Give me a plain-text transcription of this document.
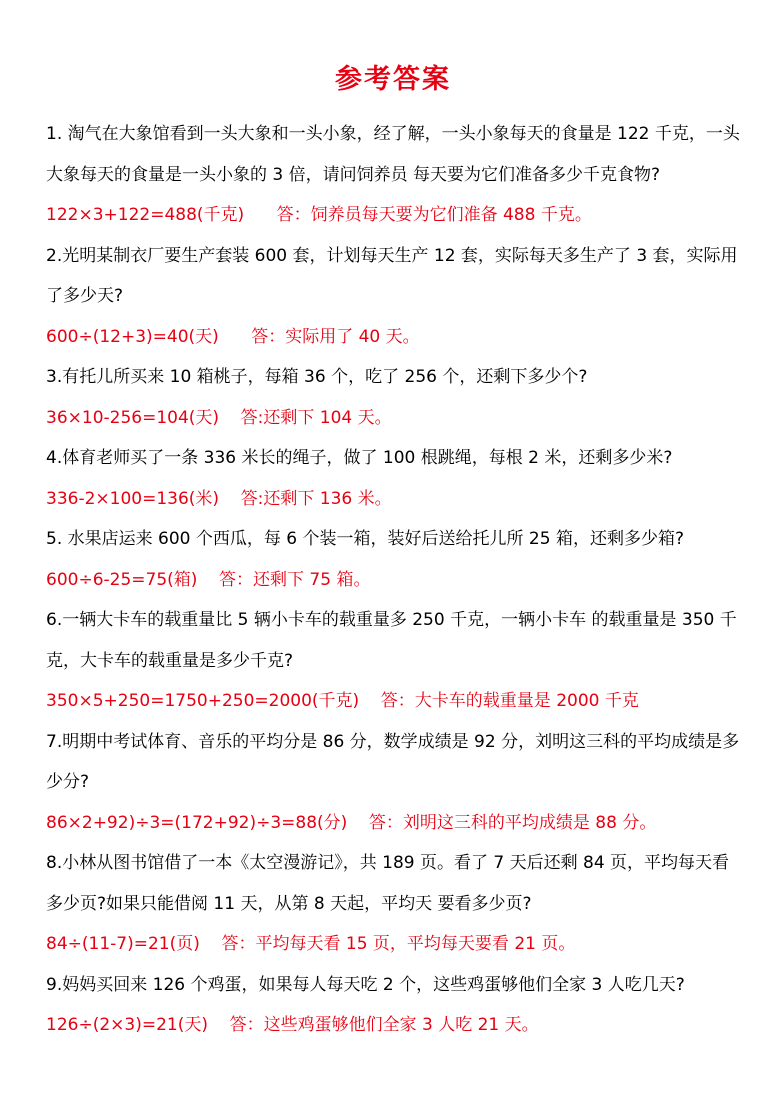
参考答案

1. 淘气在大象馆看到一头大象和一头小象，经了解，一头小象每天的食量是 122 千克，一头大象每天的食量是一头小象的 3 倍，请问饲养员 每天要为它们准备多少千克食物?

122×3+122=488(千克)      答：饲养员每天要为它们准备 488 千克。

2.光明某制衣厂要生产套装 600 套，计划每天生产 12 套，实际每天多生产了 3 套，实际用了多少天?

600÷(12+3)=40(天)      答：实际用了 40 天。

3.有托儿所买来 10 箱桃子，每箱 36 个，吃了 256 个，还剩下多少个?

36×10-256=104(天)    答:还剩下 104 天。

4.体育老师买了一条 336 米长的绳子，做了 100 根跳绳，每根 2 米，还剩多少米?

336-2×100=136(米)    答:还剩下 136 米。

5. 水果店运来 600 个西瓜，每 6 个装一箱，装好后送给托儿所 25 箱，还剩多少箱?

600÷6-25=75(箱)    答：还剩下 75 箱。

6.一辆大卡车的载重量比 5 辆小卡车的载重量多 250 千克，一辆小卡车 的载重量是 350 千克，大卡车的载重量是多少千克?

350×5+250=1750+250=2000(千克)    答：大卡车的载重量是 2000 千克

7.明期中考试体育、音乐的平均分是 86 分，数学成绩是 92 分，刘明这三科的平均成绩是多少分?

86×2+92)÷3=(172+92)÷3=88(分)    答：刘明这三科的平均成绩是 88 分。

8.小林从图书馆借了一本《太空漫游记》，共 189 页。看了 7 天后还剩 84 页，平均每天看多少页?如果只能借阅 11 天，从第 8 天起，平均天 要看多少页?

84÷(11-7)=21(页)    答：平均每天看 15 页，平均每天要看 21 页。

9.妈妈买回来 126 个鸡蛋，如果每人每天吃 2 个，这些鸡蛋够他们全家 3 人吃几天?

126÷(2×3)=21(天)    答：这些鸡蛋够他们全家 3 人吃 21 天。
